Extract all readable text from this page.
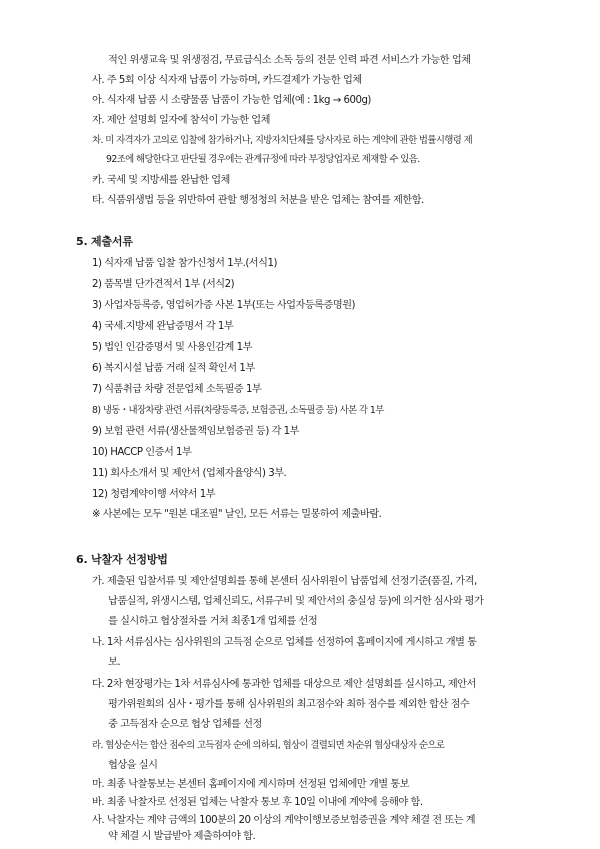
적인 위생교육 및 위생점검, 무료급식소 소독 등의 전문 인력 파견 서비스가 가능한 업체
사. 주 5회 이상 식자재 납품이 가능하며, 카드결제가 가능한 업체
아. 식자재 납품 시 소량물품 납품이 가능한 업체(예 : 1kg → 600g)
자. 제안 설명회 일자에 참석이 가능한 업체
차. 미 자격자가 고의로 입찰에 참가하거나, 지방자치단체를 당사자로 하는 계약에 관한 법률시행령 제
92조에 해당한다고 판단될 경우에는 관계규정에 따라 부정당업자로 제재할 수 있음.
카. 국세 및 지방세를 완납한 업체
타. 식품위생법 등을 위반하여 관할 행정청의 처분을 받은 업체는 참여를 제한함.
5. 제출서류
1) 식자재 납품 입찰 참가신청서 1부.(서식1)
2) 품목별 단가견적서 1부 (서식2)
3) 사업자등록증, 영업허가증 사본 1부(또는 사업자등록증명원)
4) 국세.지방세 완납증명서 각 1부
5) 법인 인감증명서 및 사용인감계 1부
6) 복지시설 납품 거래 실적 확인서 1부
7) 식품취급 차량 전문업체 소독필증 1부
8) 냉동・내장차량 관련 서류(차량등록증, 보험증권, 소독필증 등) 사본 각 1부
9) 보험 관련 서류(생산물책임보험증권 등) 각 1부
10) HACCP 인증서 1부
11) 회사소개서 및 제안서 (업체자율양식) 3부.
12) 청렴계약이행 서약서 1부
※ 사본에는 모두 "원본 대조필" 날인, 모든 서류는 밀봉하여 제출바람.
6. 낙찰자 선정방법
가. 제출된 입찰서류 및 제안설명회를 통해 본센터 심사위원이 납품업체 선정기준(품질, 가격,
납품실적, 위생시스템, 업체신뢰도, 서류구비 및 제안서의 충실성 등)에 의거한 심사와 평가
를 실시하고 협상절차를 거쳐 최종1개 업체를 선정
나. 1차 서류심사는 심사위원의 고득점 순으로 업체를 선정하여 홈페이지에 게시하고 개별 통
보.
다. 2차 현장평가는 1차 서류심사에 통과한 업체를 대상으로 제안 설명회를 실시하고, 제안서
평가위원회의 심사・평가를 통해 심사위원의 최고점수와 최하 점수를 제외한 합산 점수
중 고득점자 순으로 협상 업체를 선정
라. 협상순서는 합산 점수의 고득점자 순에 의하되, 협상이 결렬되면 차순위 협상대상자 순으로
협상을 실시
마. 최종 낙찰통보는 본센터 홈페이지에 게시하며 선정된 업체에만 개별 통보
바. 최종 낙찰자로 선정된 업체는 낙찰자 통보 후 10일 이내에 계약에 응해야 함.
사. 낙찰자는 계약 금액의 100분의 20 이상의 계약이행보증보험증권을 계약 체결 전 또는 계
약 체결 시 발급받아 제출하여야 함.
